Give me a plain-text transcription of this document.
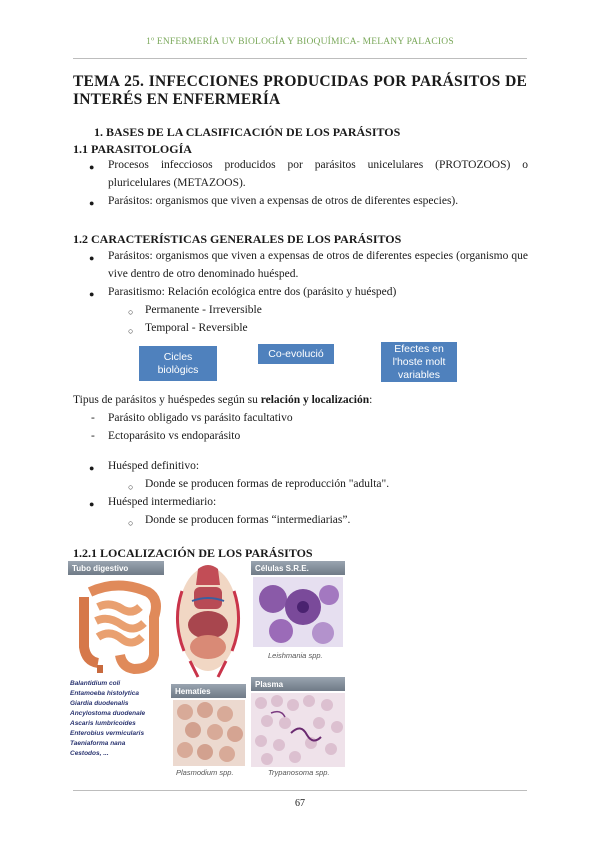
1º ENFERMERÍA UV BIOLOGÍA Y BIOQUÍMICA- MELANY PALACIOS
TEMA 25. INFECCIONES PRODUCIDAS POR PARÁSITOS DE INTERÉS EN ENFERMERÍA
1. BASES DE LA CLASIFICACIÓN DE LOS PARÁSITOS
1.1 PARASITOLOGÍA
● Procesos infecciosos producidos por parásitos unicelulares (PROTOZOOS) o
pluricelulares (METAZOOS).
● Parásitos: organismos que viven a expensas de otros de diferentes especies).
1.2 CARACTERÍSTICAS GENERALES DE LOS PARÁSITOS
● Parásitos: organismos que viven a expensas de otros de diferentes especies (organismo que
vive dentro de otro denominado huésped.
● Parasitismo: Relación ecológica entre dos (parásito y huésped)
○ Permanente - Irreversible
○ Temporal - Reversible
Cicles biològics
Co-evolució	Efectes en l'hoste molt variables
Tipus de parásitos y huéspedes según su relación y localización:
- Parásito obligado vs parásito facultativo
- Ectoparásito vs endoparásito
● Huésped definitivo:
○ Donde se producen formas de reproducción "adulta".
● Huésped intermediario:
○ Donde se producen formas “intermediarias”.
1.2.1 LOCALIZACIÓN DE LOS PARÁSITOS
Tubo digestivo
Balantidium coli
Entamoeba histolytica
Giardia duodenalis
Ancylostoma duodenale
Ascaris lumbricoides
Enterobius vermicularis
Taeniaforma nana
Cestodos, ...
Células S.R.E.
Leishmania spp.
Hematíes
Plasmodium spp.
Plasma
Trypanosoma spp.
67
